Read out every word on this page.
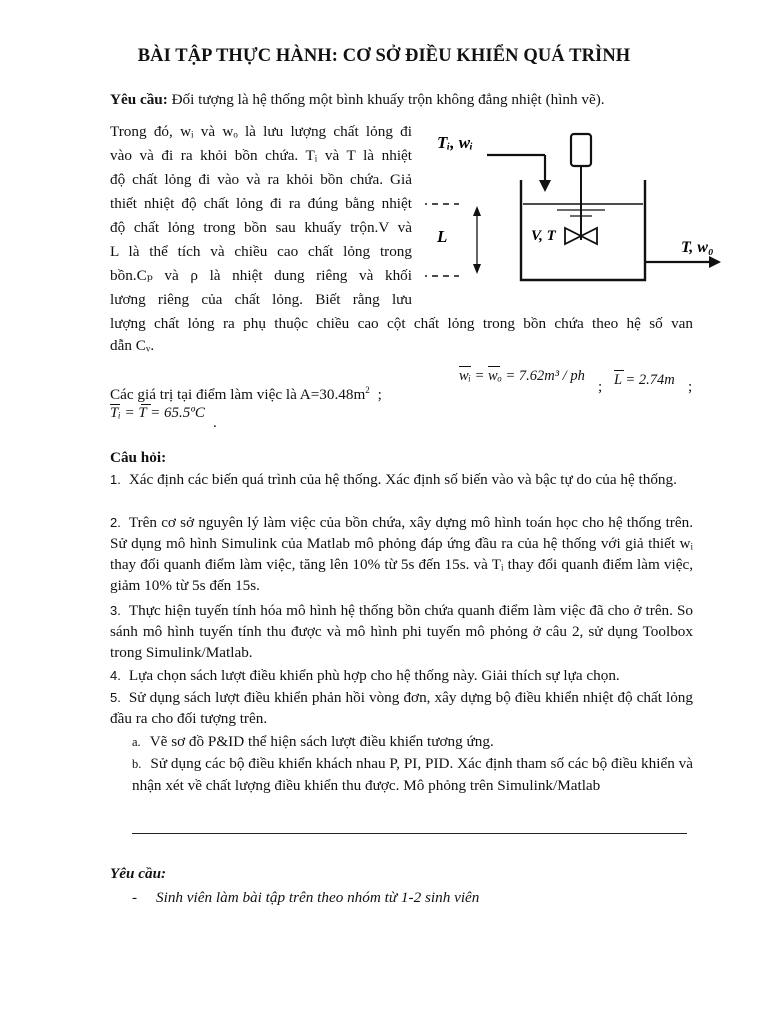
BÀI TẬP THỰC HÀNH: CƠ SỞ ĐIỀU KHIỂN QUÁ TRÌNH
Yêu cầu: Đối tượng là hệ thống một bình khuấy trộn không đẳng nhiệt (hình vẽ).
Trong đó, wᵢ và wₒ là lưu lượng chất lỏng đi
vào và đi ra khỏi bồn chứa. Tᵢ và T là nhiệt
độ chất lỏng đi vào và ra khỏi bồn chứa. Giả
thiết nhiệt độ chất lỏng đi ra đúng bằng nhiệt
độ chất lỏng trong bồn sau khuấy trộn.V và
L là thể tích và chiều cao chất lỏng trong
bồn.Cₚ và ρ là nhiệt dung riêng và khối
lương riêng của chất lỏng. Biết rằng lưu
lượng chất lỏng ra phụ thuộc chiều cao cột chất lỏng trong bồn chứa theo hệ số van
dẫn Cᵥ.
Tᵢ, wᵢ
V, T
L
T, w₀
Các giá trị tại điểm làm việc là $A=30.48m^2$ ;
wᵢ = wₒ = 7.62m³ / ph
; L = 2.74m ;
Tᵢ = T = 65.5ºC
.
Câu hỏi:
1. Xác định các biến quá trình của hệ thống. Xác định số biến vào và bậc tự do của hệ thống.
2. Trên cơ sở nguyên lý làm việc của bồn chứa, xây dựng mô hình toán học cho hệ thống trên. Sử dụng mô hình Simulink của Matlab mô phỏng đáp ứng đầu ra của hệ thống với giả thiết wᵢ thay đổi quanh điểm làm việc, tăng lên 10% từ 5s đến 15s. và Tᵢ thay đổi quanh điểm làm việc, giảm 10% từ 5s đến 15s.
3. Thực hiện tuyến tính hóa mô hình hệ thống bồn chứa quanh điểm làm việc đã cho ở trên. So sánh mô hình tuyến tính thu được và mô hình phi tuyến mô phỏng ở câu 2, sử dụng Toolbox trong Simulink/Matlab.
4. Lựa chọn sách lượt điều khiển phù hợp cho hệ thống này. Giải thích sự lựa chọn.
5. Sử dụng sách lượt điều khiển phản hồi vòng đơn, xây dựng bộ điều khiển nhiệt độ chất lỏng đầu ra cho đối tượng trên.
a. Vẽ sơ đồ P&ID thể hiện sách lượt điều khiển tương ứng.
b. Sử dụng các bộ điều khiển khách nhau P, PI, PID. Xác định tham số các bộ điều khiển và nhận xét về chất lượng điều khiển thu được. Mô phỏng trên Simulink/Matlab
Yêu cầu:
- Sinh viên làm bài tập trên theo nhóm từ 1-2 sinh viên
